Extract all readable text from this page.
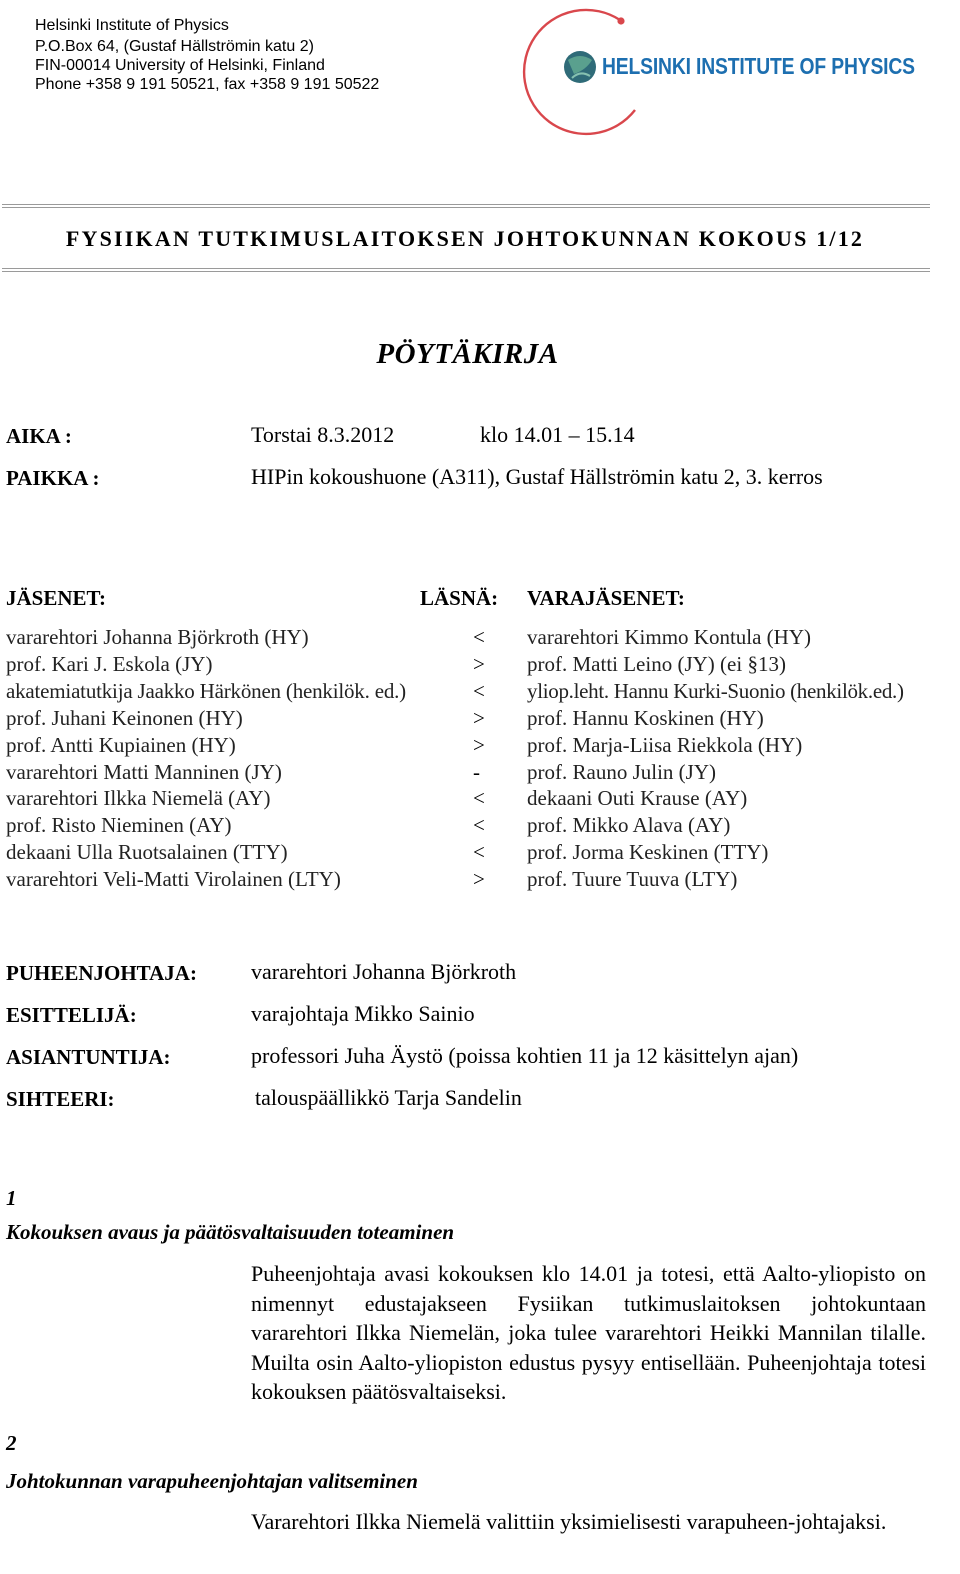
Helsinki Institute of Physics
P.O.Box 64, (Gustaf Hällströmin katu 2)
FIN-00014 University of Helsinki, Finland
Phone +358 9 191 50521, fax +358 9 191 50522
HELSINKI INSTITUTE OF PHYSICS
FYSIIKAN TUTKIMUSLAITOKSEN JOHTOKUNNAN KOKOUS 1/12
PÖYTÄKIRJA
AIKA :	Torstai 8.3.2012	klo 14.01 – 15.14
PAIKKA :	HIPin kokoushuone (A311), Gustaf Hällströmin katu 2, 3. kerros
JÄSENET:	LÄSNÄ: VARAJÄSENET:
vararehtori Johanna Björkroth (HY)	< vararehtori Kimmo Kontula (HY)
prof. Kari J. Eskola (JY)	> prof. Matti Leino (JY) (ei §13)
akatemiatutkija Jaakko Härkönen (henkilök. ed.)	< yliop.leht. Hannu Kurki-Suonio (henkilök.ed.)
prof. Juhani Keinonen (HY)	> prof. Hannu Koskinen (HY)
prof. Antti Kupiainen (HY)	> prof. Marja-Liisa Riekkola (HY)
vararehtori Matti Manninen (JY)	- prof. Rauno Julin (JY)
vararehtori Ilkka Niemelä (AY)	< dekaani Outi Krause (AY)
prof. Risto Nieminen (AY)	< prof. Mikko Alava (AY)
dekaani Ulla Ruotsalainen (TTY)	< prof. Jorma Keskinen (TTY)
vararehtori Veli-Matti Virolainen (LTY)	> prof. Tuure Tuuva (LTY)
PUHEENJOHTAJA: vararehtori Johanna Björkroth
ESITTELIJÄ:	varajohtaja Mikko Sainio
ASIANTUNTIJA:	professori Juha Äystö (poissa kohtien 11 ja 12 käsittelyn ajan)
SIHTEERI:	talouspäällikkö Tarja Sandelin
1
Kokouksen avaus ja päätösvaltaisuuden toteaminen
Puheenjohtaja avasi kokouksen klo 14.01 ja totesi, että Aalto-yliopisto on nimennyt edustajakseen Fysiikan tutkimuslaitoksen johtokuntaan vararehtori Ilkka Niemelän, joka tulee vararehtori Heikki Mannilan tilalle. Muilta osin Aalto-yliopiston edustus pysyy entisellään. Puheenjohtaja totesi kokouksen päätösvaltaiseksi.
2
Johtokunnan varapuheenjohtajan valitseminen
Vararehtori Ilkka Niemelä valittiin yksimielisesti varapuheen-johtajaksi.
